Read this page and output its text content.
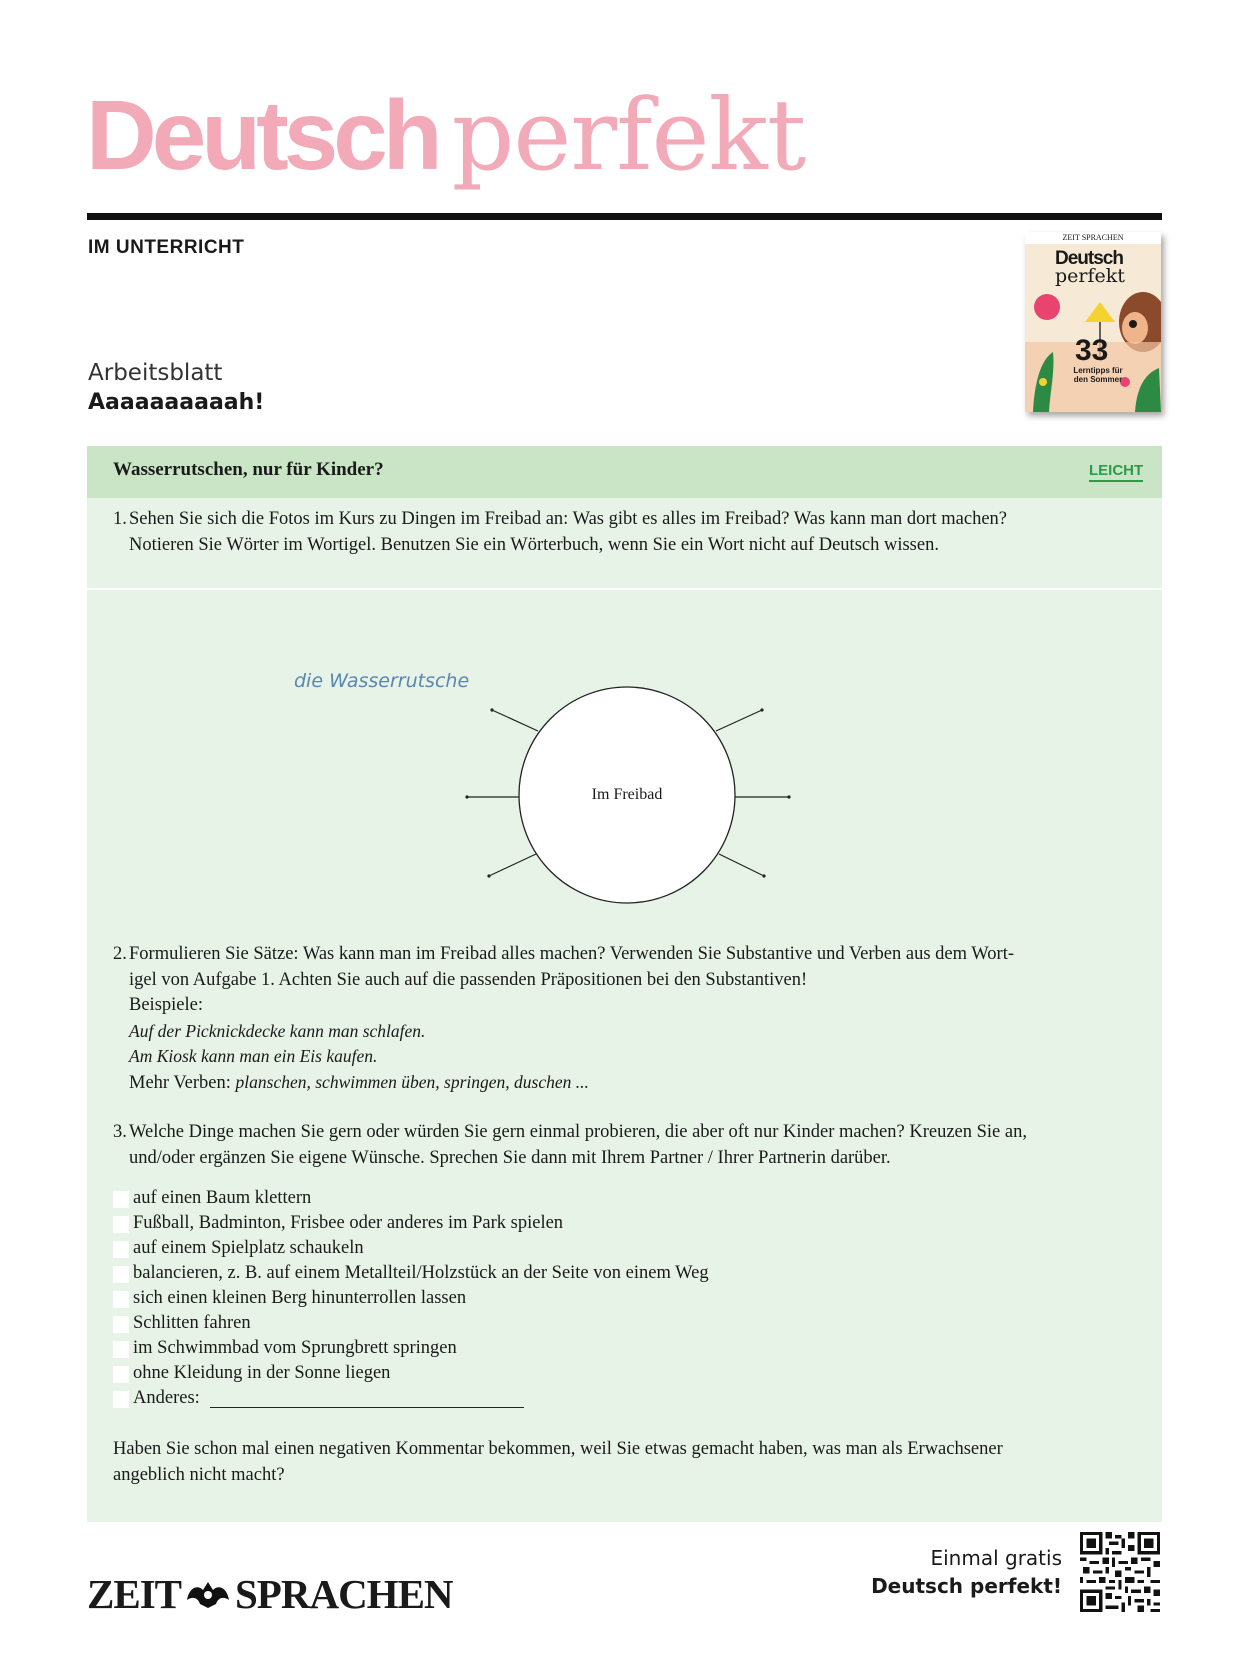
Deutsch perfekt
IM UNTERRICHT	ZEIT SPRACHEN
Deutsch
perfekt
33
Lerntipps für
den Sommer
Arbeitsblatt
Aaaaaaaaaah!
Wasserrutschen, nur für Kinder?	LEICHT
1. Sehen Sie sich die Fotos im Kurs zu Dingen im Freibad an: Was gibt es alles im Freibad? Was kann man dort machen?
Notieren Sie Wörter im Wortigel. Benutzen Sie ein Wörterbuch, wenn Sie ein Wort nicht auf Deutsch wissen.
die Wasserrutsche
Im Freibad
2. Formulieren Sie Sätze: Was kann man im Freibad alles machen? Verwenden Sie Substantive und Verben aus dem Wort-
igel von Aufgabe 1. Achten Sie auch auf die passenden Präpositionen bei den Substantiven!
Beispiele:
Auf der Picknickdecke kann man schlafen.
Am Kiosk kann man ein Eis kaufen.
Mehr Verben: planschen, schwimmen üben, springen, duschen ...
3. Welche Dinge machen Sie gern oder würden Sie gern einmal probieren, die aber oft nur Kinder machen? Kreuzen Sie an,
und/oder ergänzen Sie eigene Wünsche. Sprechen Sie dann mit Ihrem Partner / Ihrer Partnerin darüber.
auf einen Baum klettern
Fußball, Badminton, Frisbee oder anderes im Park spielen
auf einem Spielplatz schaukeln
balancieren, z. B. auf einem Metallteil/Holzstück an der Seite von einem Weg
sich einen kleinen Berg hinunterrollen lassen
Schlitten fahren
im Schwimmbad vom Sprungbrett springen
ohne Kleidung in der Sonne liegen
Anderes:
Haben Sie schon mal einen negativen Kommentar bekommen, weil Sie etwas gemacht haben, was man als Erwachsener
angeblich nicht macht?
ZEIT SPRACHEN
Einmal gratis
Deutsch perfekt!
